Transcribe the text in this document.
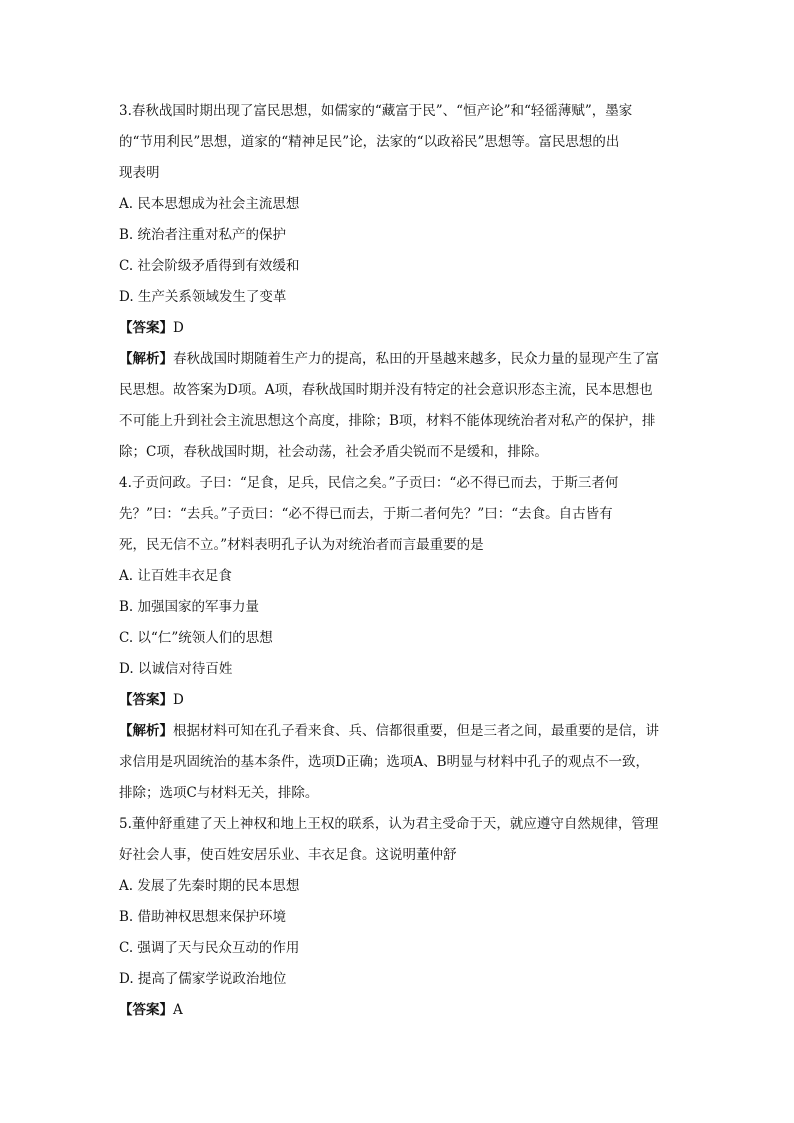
3.春秋战国时期出现了富民思想，如儒家的“藏富于民”、“恒产论”和“轻徭薄赋”，墨家
的“节用利民”思想，道家的“精神足民”论，法家的“以政裕民”思想等。富民思想的出
现表明
A. 民本思想成为社会主流思想
B. 统治者注重对私产的保护
C. 社会阶级矛盾得到有效缓和
D. 生产关系领域发生了变革
【答案】D
【解析】春秋战国时期随着生产力的提高，私田的开垦越来越多，民众力量的显现产生了富
民思想。故答案为D项。A项，春秋战国时期并没有特定的社会意识形态主流，民本思想也
不可能上升到社会主流思想这个高度，排除；B项，材料不能体现统治者对私产的保护，排
除；C项，春秋战国时期，社会动荡，社会矛盾尖锐而不是缓和，排除。
4.子贡问政。子曰：“足食，足兵，民信之矣。”子贡曰：“必不得已而去，于斯三者何
先？”曰：“去兵。”子贡曰：“必不得已而去，于斯二者何先？”曰：“去食。自古皆有
死，民无信不立。”材料表明孔子认为对统治者而言最重要的是
A. 让百姓丰衣足食
B. 加强国家的军事力量
C. 以“仁”统领人们的思想
D. 以诚信对待百姓
【答案】D
【解析】根据材料可知在孔子看来食、兵、信都很重要，但是三者之间，最重要的是信，讲
求信用是巩固统治的基本条件，选项D正确；选项A、B明显与材料中孔子的观点不一致，
排除；选项C与材料无关，排除。
5.董仲舒重建了天上神权和地上王权的联系，认为君主受命于天，就应遵守自然规律，管理
好社会人事，使百姓安居乐业、丰衣足食。这说明董仲舒
A. 发展了先秦时期的民本思想
B. 借助神权思想来保护环境
C. 强调了天与民众互动的作用
D. 提高了儒家学说政治地位
【答案】A
